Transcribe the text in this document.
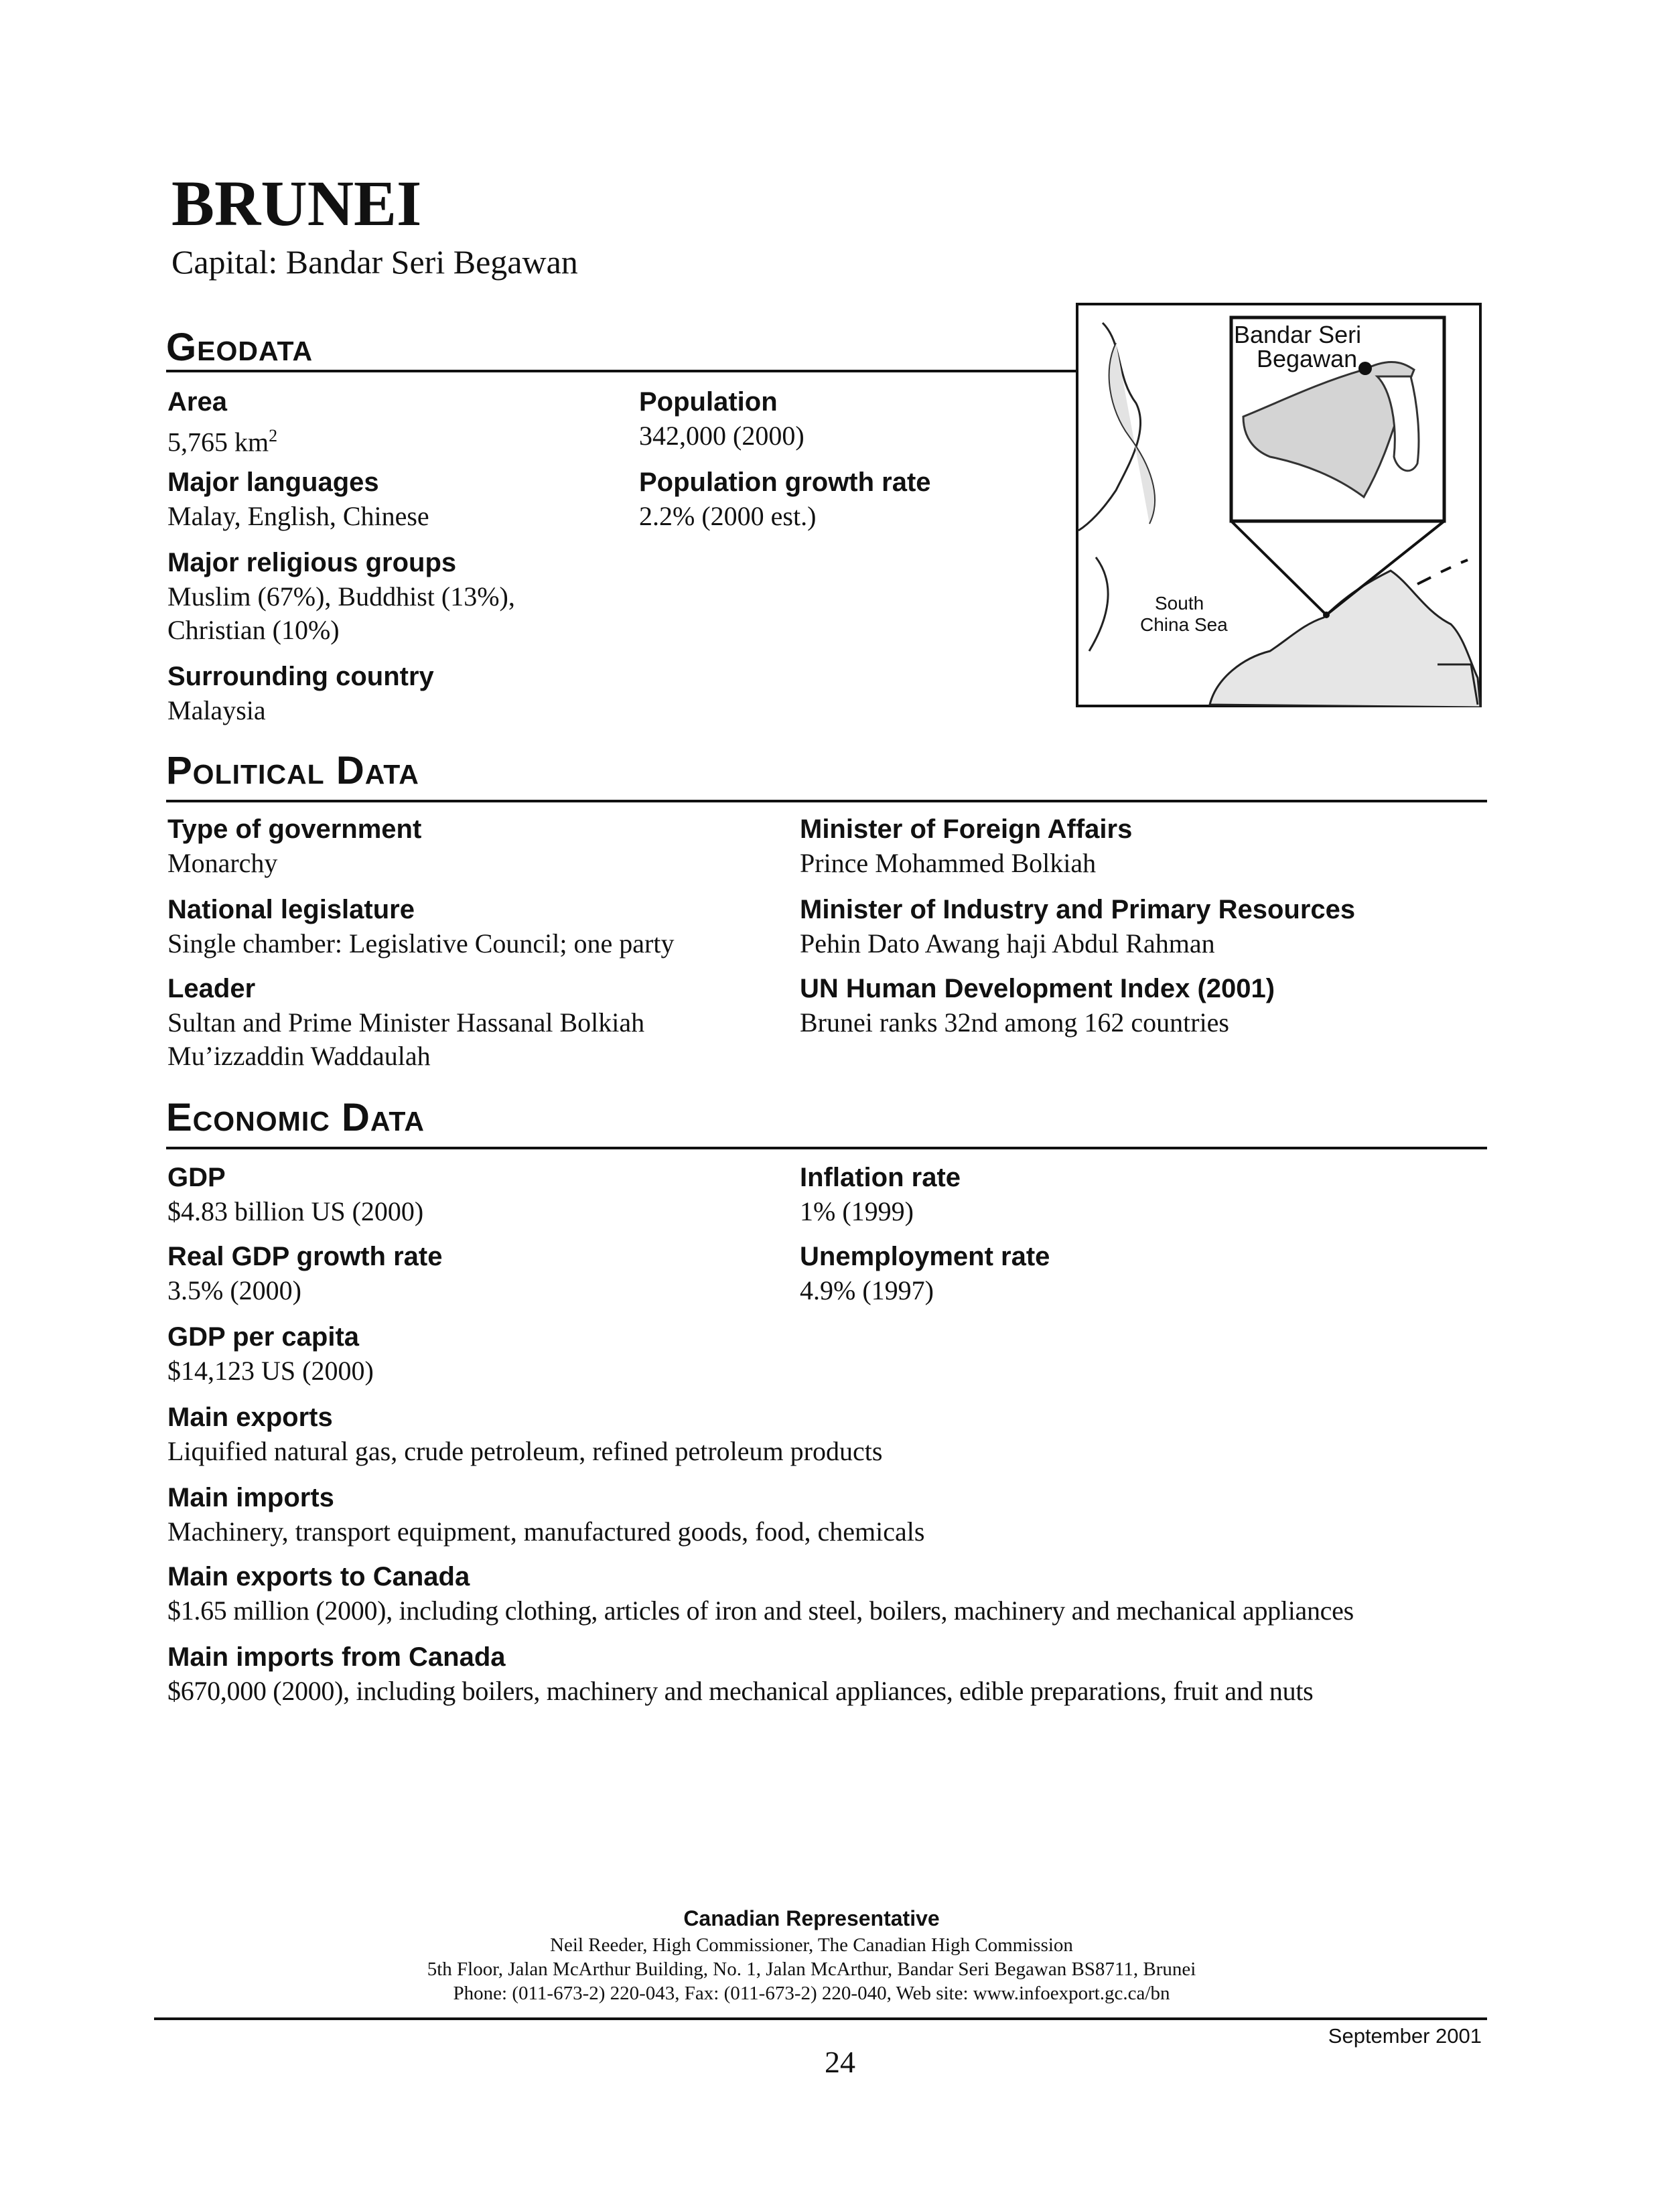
BRUNEI
Capital: Bandar Seri Begawan
Geodata
Area
5,765 $km^2$
Population
342,000 (2000)
Major languages
Malay, English, Chinese
Population growth rate
2.2% (2000 est.)
Major religious groups
Muslim (67%), Buddhist (13%),
Christian (10%)
Surrounding country
Malaysia
Bandar Seri
Begawan
South
China Sea
Political Data
Type of government
Monarchy
National legislature
Single chamber: Legislative Council; one party
Leader
Sultan and Prime Minister Hassanal Bolkiah
Mu’izzaddin Waddaulah
Minister of Foreign Affairs
Prince Mohammed Bolkiah
Minister of Industry and Primary Resources
Pehin Dato Awang haji Abdul Rahman
UN Human Development Index (2001)
Brunei ranks 32nd among 162 countries
Economic Data
GDP
$4.83 billion US (2000)
Real GDP growth rate
3.5% (2000)
GDP per capita
$14,123 US (2000)
Inflation rate
1% (1999)
Unemployment rate
4.9% (1997)
Main exports
Liquified natural gas, crude petroleum, refined petroleum products
Main imports
Machinery, transport equipment, manufactured goods, food, chemicals
Main exports to Canada
$1.65 million (2000), including clothing, articles of iron and steel, boilers, machinery and mechanical appliances
Main imports from Canada
$670,000 (2000), including boilers, machinery and mechanical appliances, edible preparations, fruit and nuts
Canadian Representative
Neil Reeder, High Commissioner, The Canadian High Commission
5th Floor, Jalan McArthur Building, No. 1, Jalan McArthur, Bandar Seri Begawan BS8711, Brunei
Phone: (011-673-2) 220-043, Fax: (011-673-2) 220-040, Web site: www.infoexport.gc.ca/bn
September 2001
24
